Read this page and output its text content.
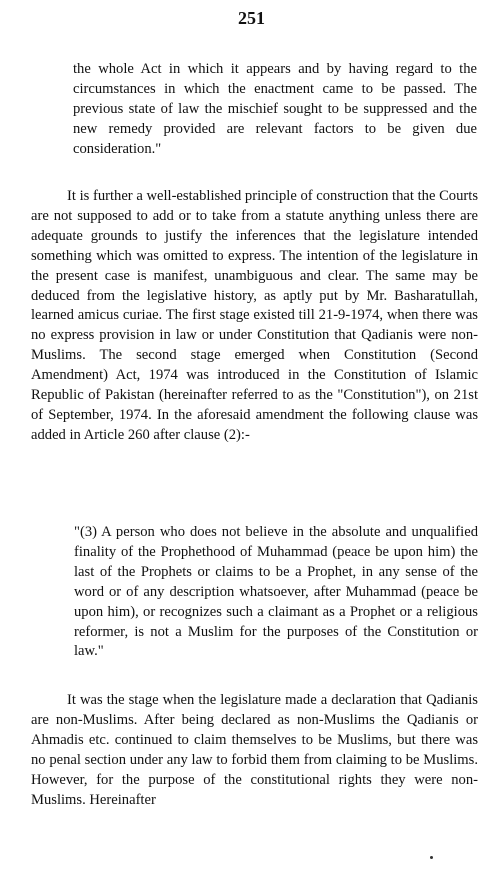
251

the whole Act in which it appears and by having regard to the circumstances in which the enactment came to be passed. The previous state of law the mischief sought to be suppressed and the new remedy provided are relevant factors to be given due consideration."

It is further a well-established principle of construction that the Courts are not supposed to add or to take from a statute anything unless there are adequate grounds to justify the inferences that the legislature intended something which was omitted to express. The intention of the legislature in the present case is manifest, unambiguous and clear. The same may be deduced from the legislative history, as aptly put by Mr. Basharatullah, learned amicus curiae. The first stage existed till 21-9-1974, when there was no express provision in law or under Constitution that Qadianis were non-Muslims. The second stage emerged when Constitution (Second Amendment) Act, 1974 was introduced in the Constitution of Islamic Republic of Pakistan (hereinafter referred to as the "Constitution"), on 21st of September, 1974. In the aforesaid amendment the following clause was added in Article 260 after clause (2):-

"(3) A person who does not believe in the absolute and unqualified finality of the Prophethood of Muhammad (peace be upon him) the last of the Prophets or claims to be a Prophet, in any sense of the word or of any description whatsoever, after Muhammad (peace be upon him), or recognizes such a claimant as a Prophet or a religious reformer, is not a Muslim for the purposes of the Constitution or law."

It was the stage when the legislature made a declaration that Qadianis are non-Muslims. After being declared as non-Muslims the Qadianis or Ahmadis etc. continued to claim themselves to be Muslims, but there was no penal section under any law to forbid them from claiming to be Muslims. However, for the purpose of the constitutional rights they were non-Muslims. Hereinafter
